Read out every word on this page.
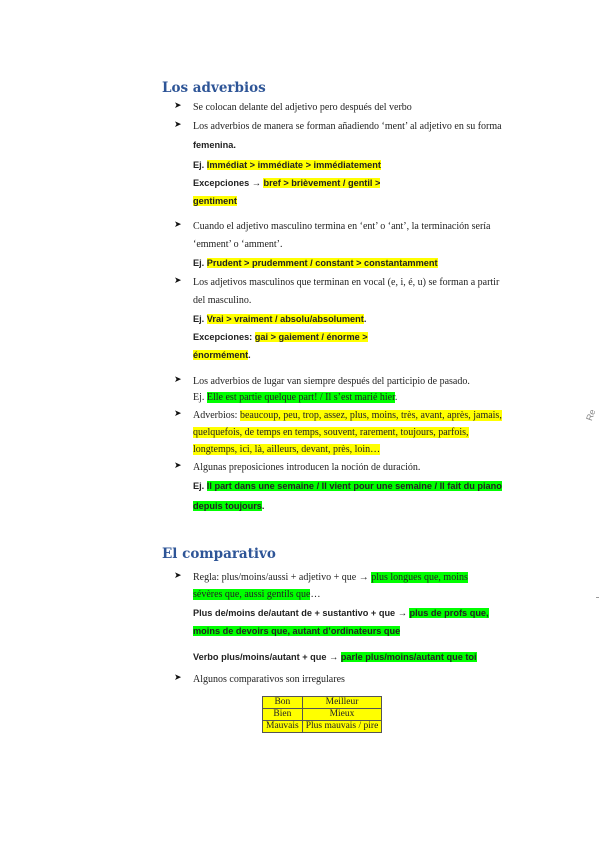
Los adverbios
➤ Se colocan delante del adjetivo pero después del verbo
➤ Los adverbios de manera se forman añadiendo ‘ment’ al adjetivo en su forma
femenina.
Ej. Immédiat > immédiate > immédiatement
Excepciones → bref > brièvement / gentil >
gentiment
➤ Cuando el adjetivo masculino termina en ‘ent’ o ‘ant’, la terminación sería
‘emment’ o ‘amment’.
Ej. Prudent > prudemment / constant > constantamment
➤ Los adjetivos masculinos que terminan en vocal (e, i, é, u) se forman a partir
del masculino.
Ej. Vrai > vraiment / absolu/absolument.
Excepciones: gai > gaiement / énorme >
énormément.
➤ Los adverbios de lugar van siempre después del participio de pasado.
Ej. Elle est partie quelque part! / Il s’est marié hier.
➤ Adverbios: beaucoup, peu, trop, assez, plus, moins, très, avant, après, jamais,
quelquefois, de temps en temps, souvent, rarement, toujours, parfois,
longtemps, ici, là, ailleurs, devant, près, loin…
➤ Algunas preposiciones introducen la noción de duración.
Ej. Il part dans une semaine / Il vient pour une semaine / Il fait du piano
depuis toujours.
El comparativo
➤ Regla: plus/moins/aussi + adjetivo + que → plus longues que, moins
sévères que, aussi gentils que…
Plus de/moins de/autant de + sustantivo + que → plus de profs que,
moins de devoirs que, autant d’ordinateurs que
Verbo plus/moins/autant + que → parle plus/moins/autant que toi
➤ Algunos comparativos son irregulares
Bon	Meilleur
Bien	Mieux
Mauvais	Plus mauvais / pire
Re
